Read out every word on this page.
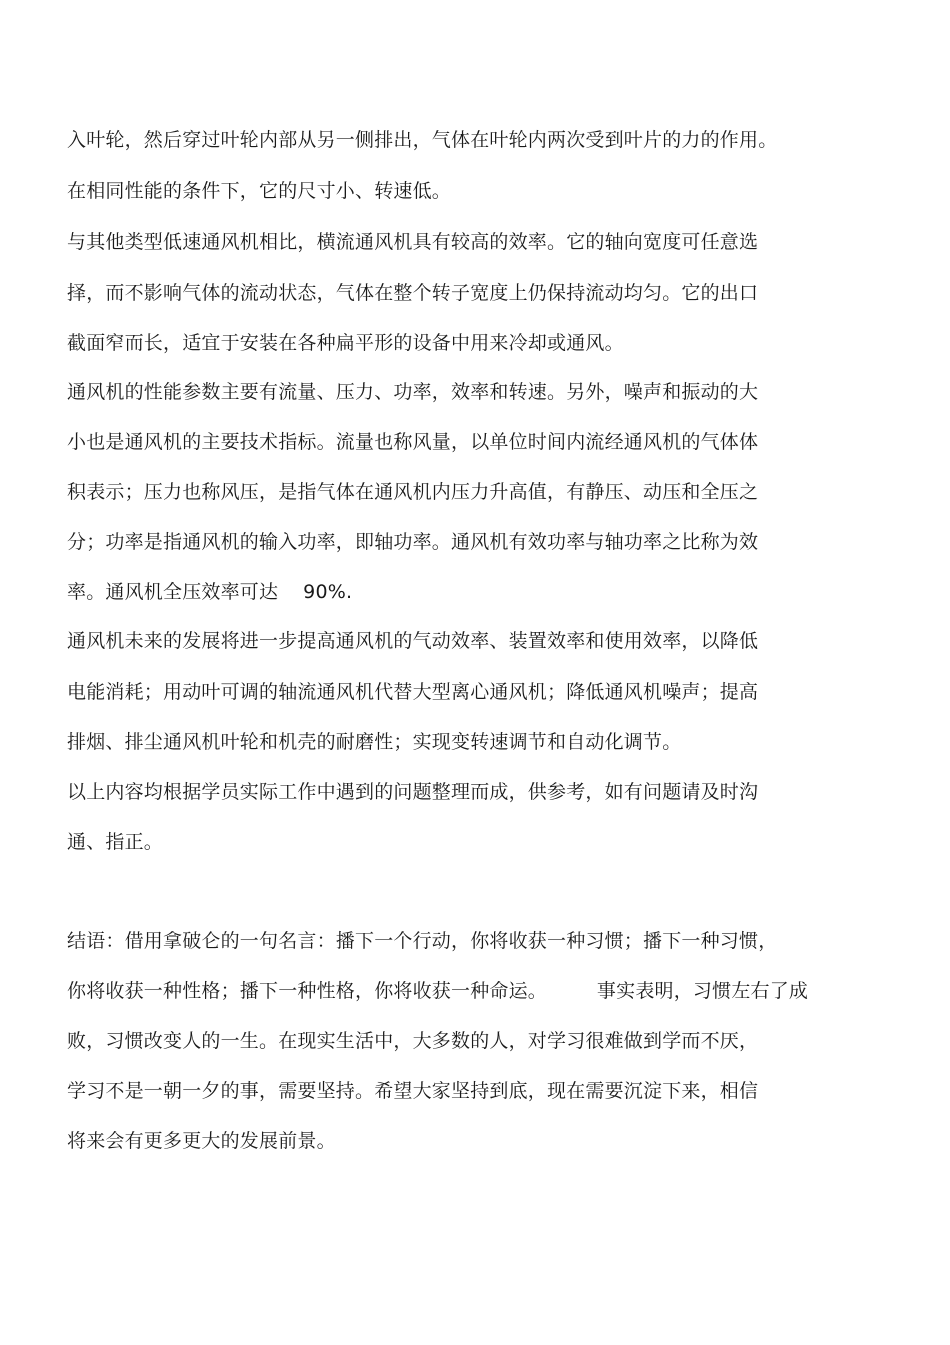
入叶轮，然后穿过叶轮内部从另一侧排出，气体在叶轮内两次受到叶片的力的作用。
在相同性能的条件下，它的尺寸小、转速低。
与其他类型低速通风机相比，横流通风机具有较高的效率。它的轴向宽度可任意选
择，而不影响气体的流动状态，气体在整个转子宽度上仍保持流动均匀。它的出口
截面窄而长，适宜于安装在各种扁平形的设备中用来冷却或通风。
通风机的性能参数主要有流量、压力、功率，效率和转速。另外，噪声和振动的大
小也是通风机的主要技术指标。流量也称风量，以单位时间内流经通风机的气体体
积表示；压力也称风压，是指气体在通风机内压力升高值，有静压、动压和全压之
分；功率是指通风机的输入功率，即轴功率。通风机有效功率与轴功率之比称为效
率。通风机全压效率可达    90%.
通风机未来的发展将进一步提高通风机的气动效率、装置效率和使用效率，以降低
电能消耗；用动叶可调的轴流通风机代替大型离心通风机；降低通风机噪声；提高
排烟、排尘通风机叶轮和机壳的耐磨性；实现变转速调节和自动化调节。
以上内容均根据学员实际工作中遇到的问题整理而成，供参考，如有问题请及时沟
通、指正。
结语：借用拿破仑的一句名言：播下一个行动，你将收获一种习惯；播下一种习惯，
你将收获一种性格；播下一种性格，你将收获一种命运。        事实表明，习惯左右了成
败，习惯改变人的一生。在现实生活中，大多数的人，对学习很难做到学而不厌，
学习不是一朝一夕的事，需要坚持。希望大家坚持到底，现在需要沉淀下来，相信
将来会有更多更大的发展前景。
